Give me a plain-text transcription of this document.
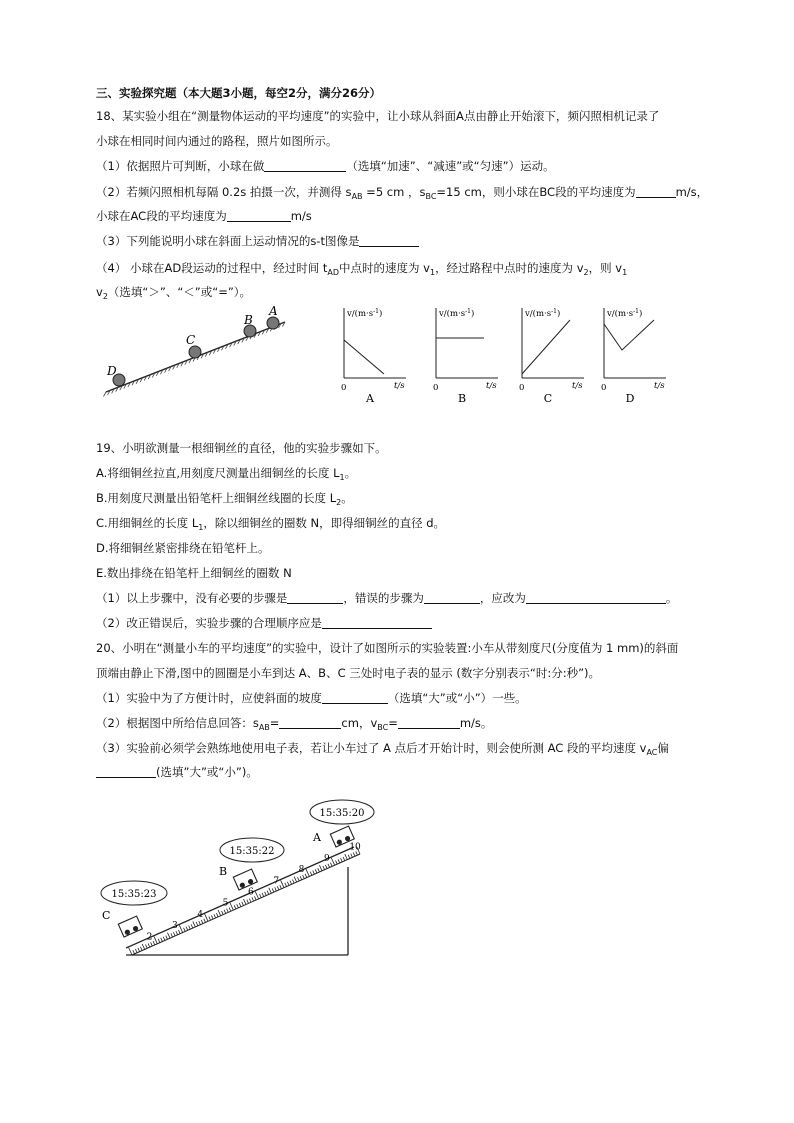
三、实验探究题（本大题3小题，每空2分，满分26分）
18、某实验小组在“测量物体运动的平均速度”的实验中，让小球从斜面A点由静止开始滚下，频闪照相机记录了
小球在相同时间内通过的路程，照片如图所示。
（1）依据照片可判断，小球在做	（选填“加速”、“减速”或“匀速”）运动。
（2）若频闪照相机每隔 0.2s 拍摄一次，并测得 $s_{AB} =5$ cm ，$s_{BC}=15$ cm，则小球在BC段的平均速度为	m/s，
小球在AC段的平均速度为	m/s
（3）下列能说明小球在斜面上运动情况的s-t图像是
（4） 小球在AD段运动的过程中，经过时间 $t_{AD}$中点时的速度为 $v_1$，经过路程中点时的速度为 $v_2$，则 $v_1$
$v_2$（选填“＞”、“＜”或“=”）。
D
C
B
A	$v/(m\cdot s^{-1})$
t/s
0
A
$v/(m\cdot s^{-1})$
t/s
0
B
$v/(m\cdot s^{-1})$
t/s
0
C
$v/(m\cdot s^{-1})$
t/s
0
D
19、小明欲测量一根细铜丝的直径，他的实验步骤如下。
A.将细铜丝拉直,用刻度尺测量出细铜丝的长度 $L_1$。
B.用刻度尺测量出铅笔杆上细铜丝线圈的长度 $L_2$。
C.用细铜丝的长度 $L_1$，除以细铜丝的圈数 N，即得细铜丝的直径 d。
D.将细铜丝紧密排绕在铅笔杆上。
E.数出排绕在铅笔杆上细铜丝的圈数 N
（1）以上步骤中，没有必要的步骤是	，错误的步骤为	，应改为	。
（2）改正错误后，实验步骤的合理顺序应是
20、小明在“测量小车的平均速度”的实验中，设计了如图所示的实验装置:小车从带刻度尺(分度值为 1 mm)的斜面
顶端由静止下滑,图中的圆圈是小车到达 A、B、C 三处时电子表的显示 (数字分别表示“时:分:秒”)。
（1）实验中为了方便计时，应使斜面的坡度	（选填“大”或“小”）一些。
（2）根据图中所给信息回答：$s_{AB}=$	cm，$v_{BC}=$	m/s。
（3）实验前必须学会熟练地使用电子表，若让小车过了 A 点后才开始计时，则会使所测 AC 段的平均速度 $v_{AC}$偏
(选填”大”或“小”)。
2
3
4
5
6
7
8
9
10
15:35:20
15:35:22
15:35:23
A
B
C
